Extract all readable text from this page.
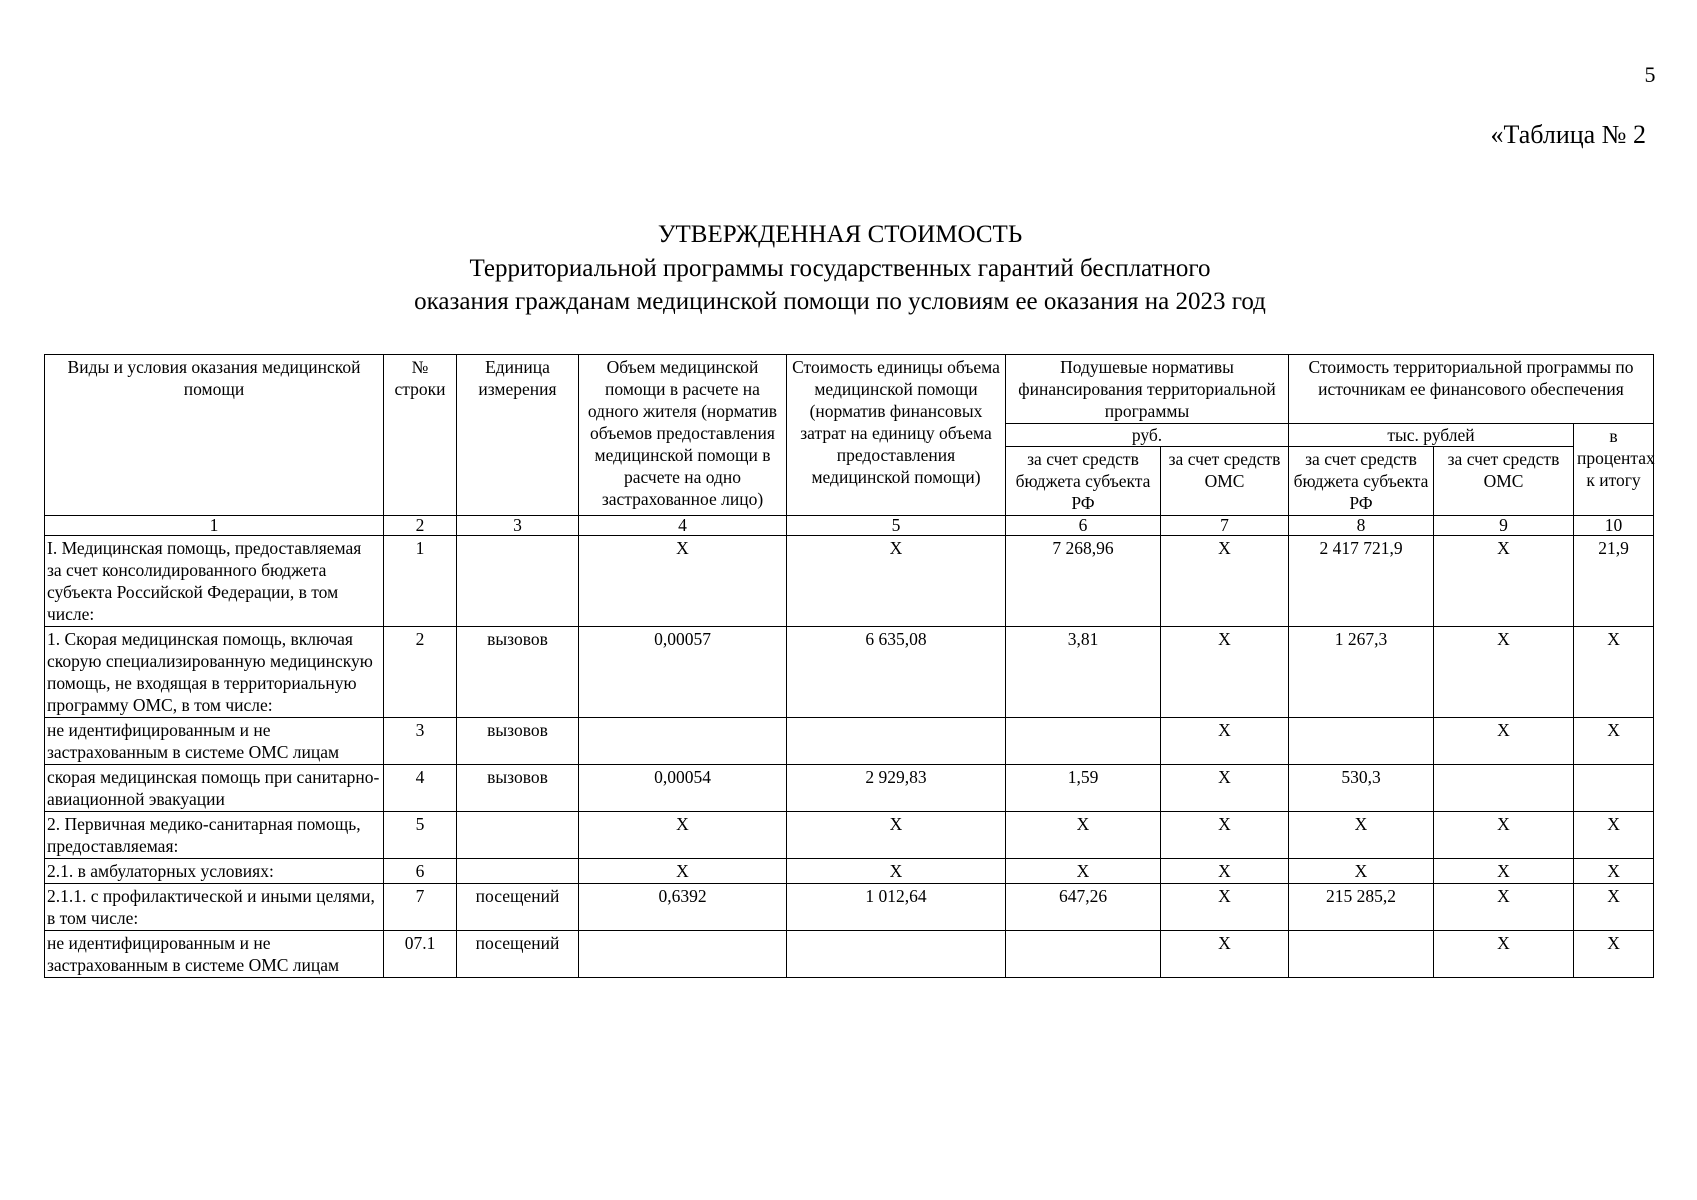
5
«Таблица № 2
УТВЕРЖДЕННАЯ СТОИМОСТЬ
Территориальной программы государственных гарантий бесплатного
оказания гражданам медицинской помощи по условиям ее оказания на 2023 год
Виды и условия оказания медицинской помощи	№ строки	Единица измерения	Объем медицинской помощи в расчете на одного жителя (норматив объемов предоставления медицинской помощи в расчете на одно застрахованное лицо)	Стоимость единицы объема медицинской помощи (норматив финансовых затрат на единицу объема предоставления медицинской помощи)	Подушевые нормативы финансирования территориальной программы		Стоимость территориальной программы по источникам ее финансового обеспечения		
					руб.		тыс. рублей		в процентах к итогу
					за счет средств бюджета субъекта РФ	за счет средств ОМС	за счет средств бюджета субъекта РФ	за счет средств ОМС	
1	2	3	4	5	6	7	8	9	10
I. Медицинская помощь, предоставляемая за счет консолидированного бюджета субъекта Российской Федерации, в том числе:	1		X	X	7 268,96	X	2 417 721,9	X	21,9
1. Скорая медицинская помощь, включая скорую специализированную медицинскую помощь, не входящая в территориальную программу ОМС, в том числе:	2	вызовов	0,00057	6 635,08	3,81	X	1 267,3	X	X
не идентифицированным и не застрахованным в системе ОМС лицам	3	вызовов				X		X	X
скорая медицинская помощь при санитарно-авиационной эвакуации	4	вызовов	0,00054	2 929,83	1,59	X	530,3		
2. Первичная медико-санитарная помощь, предоставляемая:	5		X	X	X	X	X	X	X
2.1. в амбулаторных условиях:	6		X	X	X	X	X	X	X
2.1.1. с профилактической и иными целями, в том числе:	7	посещений	0,6392	1 012,64	647,26	X	215 285,2	X	X
не идентифицированным и не застрахованным в системе ОМС лицам	07.1	посещений				X		X	X
